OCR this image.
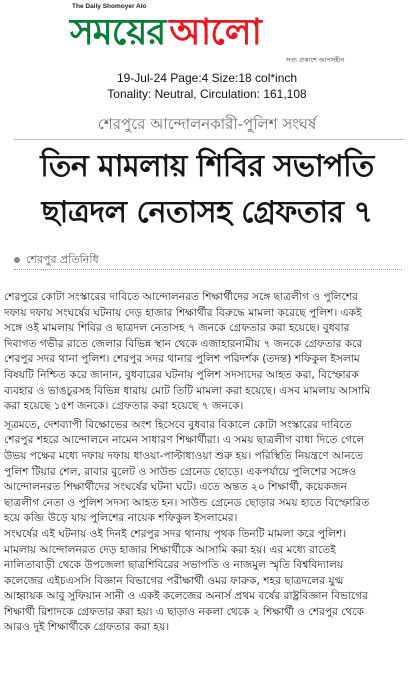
The Daily Shomoyer Alo
সময়ের আলো
সত্য প্রকাশে আপসহীন
19-Jul-24 Page:4 Size:18 col*inch
Tonality: Neutral, Circulation: 161,108
শেরপুরে আন্দোলনকারী-পুলিশ সংঘর্ষ
তিন মামলায় শিবির সভাপতি
ছাত্রদল নেতাসহ গ্রেফতার ৭
শেরপুর প্রতিনিধি
শেরপুরে কোটা সংস্কারের দাবিতে আন্দোলনরত শিক্ষার্থীদের সঙ্গে ছাত্রলীগ ও পুলিশের
দফায় দফায় সংঘর্ষের ঘটনায় দেড় হাজার শিক্ষার্থীর বিরুদ্ধে মামলা করেছে পুলিশ। একই
সঙ্গে ওই মামলায় শিবির ও ছাত্রদল নেতাসহ ৭ জনকে গ্রেফতার করা হয়েছে। বুধবার
দিবাগত গভীর রাতে জেলার বিভিন্ন স্থান থেকে এজাহারনামীয় ৭ জনকে গ্রেফতার করে
শেরপুর সদর থানা পুলিশ। শেরপুর সদর থানার পুলিশ পরিদর্শক (তদন্ত) শফিকুল ইসলাম
বিষয়টি নিশ্চিত করে জানান, বুধবারের ঘটনায় পুলিশ সদস্যদের আহত করা, বিস্ফোরক
ব্যবহার ও ভাঙচুরসহ বিভিন্ন ধারায় মোট তিটি মামলা করা হয়েছে। এসব মামলায় আসামি
করা হয়েছে ১৫শ জনকে। গ্রেফতার করা হয়েছে ৭ জনকে।
সূত্রমতে, দেশব্যাপী বিক্ষোভের অংশ হিসেবে বুধবার বিকালে কোটা সংস্কারের দাবিতে
শেরপুর শহরে আন্দোলনে নামেন সাধারণ শিক্ষার্থীরা। এ সময় ছাত্রলীগ বাধা দিতে গেলে
উভয় পক্ষের মধ্যে দফায় দফায় ধাওয়া-পাল্টাধাওয়া শুরু হয়। পরিস্থিতি নিয়ন্ত্রণে আনতে
পুলিশ টিয়ার শেল, রাবার বুলেট ও সাউন্ড গ্রেনেড ছোড়ে। একপর্যায়ে পুলিশের সঙ্গেও
আন্দোলনরত শিক্ষার্থীদের সংঘর্ষের ঘটনা ঘটে। এতে অন্তত ২০ শিক্ষার্থী, কয়েকজন
ছাত্রলীগ নেতা ও পুলিশ সদস্য আহত হন। সাউন্ড গ্রেনেড ছোড়ার সময় হাতে বিস্ফোরিত
হয়ে কব্জি উড়ে যায় পুলিশের নায়েক শফিকুল ইসলামের।
সংঘর্ষের এই ঘটনায় ওই দিনই শেরপুর সদর থানায় পৃথক তিনটি মামলা করে পুলিশ।
মামলায় আন্দোলনরত দেড় হাজার শিক্ষার্থীকে আসামি করা হয়। এর মধ্যে রাতেই
নালিতাবাড়ী থেকে উপজেলা ছাত্রশিবিরের সভাপতি ও নাজমুল স্মৃতি বিশ্ববিদ্যালয়
কলেজের এইচএসসি বিজ্ঞান বিভাগের পরীক্ষার্থী ওমর ফারুক, শহর ছাত্রদলের যুগ্ম
আহ্বায়ক আবু সুফিয়ান সানী ও একই কলেজের অনার্স প্রথম বর্ষের রাষ্ট্রবিজ্ঞান বিভাগের
শিক্ষার্থী রিশাদকে গ্রেফতার করা হয়। এ ছাড়াও নকলা থেকে ২ শিক্ষার্থী ও শেরপুর থেকে
আরও দুই শিক্ষার্থীকে গ্রেফতার করা হয়।
